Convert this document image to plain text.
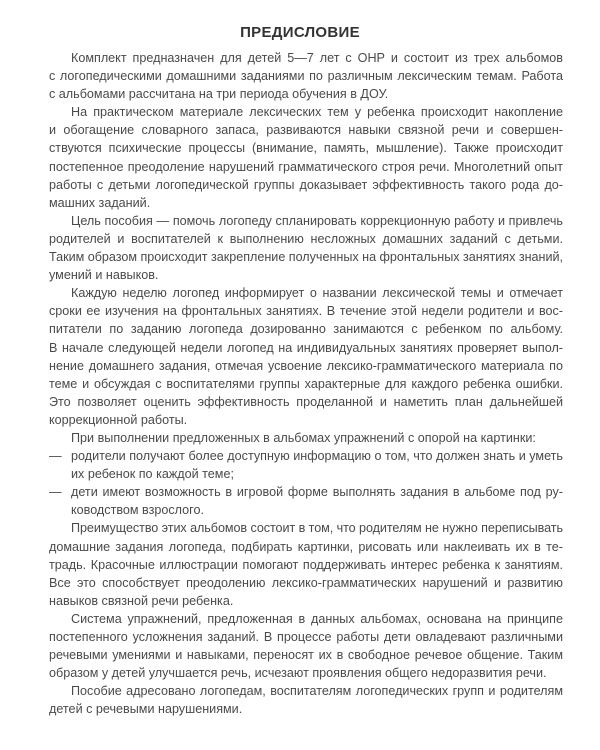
ПРЕДИСЛОВИЕ
Комплект предназначен для детей 5—7 лет с ОНР и состоит из трех альбомов
с логопедическими домашними заданиями по различным лексическим темам. Работа
с альбомами рассчитана на три периода обучения в ДОУ.
На практическом материале лексических тем у ребенка происходит накопление
и обогащение словарного запаса, развиваются навыки связной речи и совершен-
ствуются психические процессы (внимание, память, мышление). Также происходит
постепенное преодоление нарушений грамматического строя речи. Многолетний опыт
работы с детьми логопедической группы доказывает эффективность такого рода до-
машних заданий.
Цель пособия — помочь логопеду спланировать коррекционную работу и привлечь
родителей и воспитателей к выполнению несложных домашних заданий с детьми.
Таким образом происходит закрепление полученных на фронтальных занятиях знаний,
умений и навыков.
Каждую неделю логопед информирует о названии лексической темы и отмечает
сроки ее изучения на фронтальных занятиях. В течение этой недели родители и вос-
питатели по заданию логопеда дозированно занимаются с ребенком по альбому.
В начале следующей недели логопед на индивидуальных занятиях проверяет выпол-
нение домашнего задания, отмечая усвоение лексико-грамматического материала по
теме и обсуждая с воспитателями группы характерные для каждого ребенка ошибки.
Это позволяет оценить эффективность проделанной и наметить план дальнейшей
коррекционной работы.
При выполнении предложенных в альбомах упражнений с опорой на картинки:
— родители получают более доступную информацию о том, что должен знать и уметь
их ребенок по каждой теме;
— дети имеют возможность в игровой форме выполнять задания в альбоме под ру-
ководством взрослого.
Преимущество этих альбомов состоит в том, что родителям не нужно переписывать
домашние задания логопеда, подбирать картинки, рисовать или наклеивать их в те-
традь. Красочные иллюстрации помогают поддерживать интерес ребенка к занятиям.
Все это способствует преодолению лексико-грамматических нарушений и развитию
навыков связной речи ребенка.
Система упражнений, предложенная в данных альбомах, основана на принципе
постепенного усложнения заданий. В процессе работы дети овладевают различными
речевыми умениями и навыками, переносят их в свободное речевое общение. Таким
образом у детей улучшается речь, исчезают проявления общего недоразвития речи.
Пособие адресовано логопедам, воспитателям логопедических групп и родителям
детей с речевыми нарушениями.
